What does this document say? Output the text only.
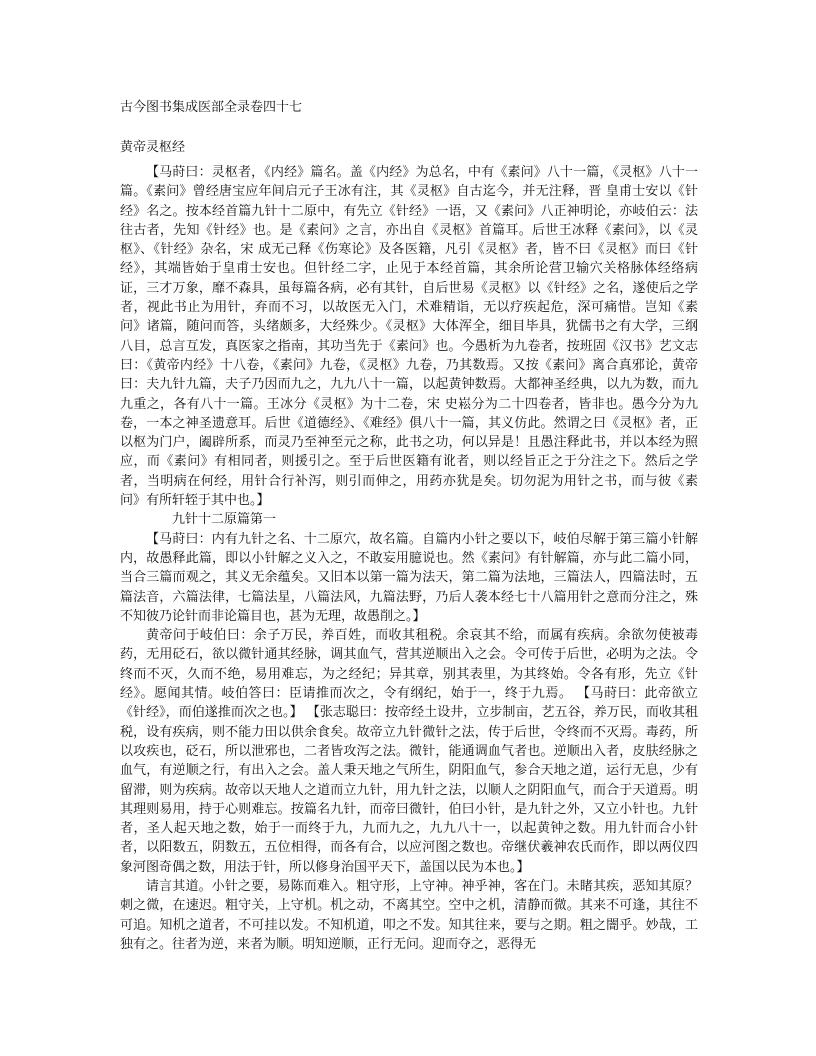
古今图书集成医部全录卷四十七
黄帝灵枢经

【马莳曰：灵枢者，《内经》篇名。盖《内经》为总名，中有《素问》八十一篇，《灵枢》八十一篇。《素问》曾经唐宝应年间启元子王冰有注，其《灵枢》自古迄今，并无注释，晋 皇甫士安以《针经》名之。按本经首篇九针十二原中，有先立《针经》一语，又《素问》八正神明论，亦岐伯云：法往古者，先知《针经》也。是《素问》之言，亦出自《灵枢》首篇耳。后世王冰释《素问》，以《灵枢》、《针经》杂名，宋 成无己释《伤寒论》及各医籍，凡引《灵枢》者，皆不曰《灵枢》而曰《针经》，其端皆始于皇甫士安也。但针经二字，止见于本经首篇，其余所论营卫输穴关格脉体经络病证，三才万象，靡不森具，虽每篇各病，必有其针，自后世易《灵枢》以《针经》之名，遂使后之学者，视此书止为用针，弃而不习，以故医无入门，术难精诣，无以疗疾起危，深可痛惜。岂知《素问》诸篇，随问而答，头绪颇多，大经殊少。《灵枢》大体浑全，细目毕具，犹儒书之有大学，三纲八目，总言互发，真医家之指南，其功当先于《素问》也。今愚析为九卷者，按班固《汉书》艺文志曰：《黄帝内经》十八卷，《素问》九卷，《灵枢》九卷，乃其数焉。又按《素问》离合真邪论，黄帝曰：夫九针九篇，夫子乃因而九之，九九八十一篇，以起黄钟数焉。大都神圣经典，以九为数，而九九重之，各有八十一篇。王冰分《灵枢》为十二卷，宋 史崧分为二十四卷者，皆非也。愚今分为九卷，一本之神圣遗意耳。后世《道德经》、《难经》俱八十一篇，其义仿此。然谓之曰《灵枢》者，正以枢为门户，阖辟所系，而灵乃至神至元之称，此书之功，何以异是！且愚注释此书，并以本经为照应，而《素问》有相同者，则援引之。至于后世医籍有讹者，则以经旨正之于分注之下。然后之学者，当明病在何经，用针合行补泻，则引而伸之，用药亦犹是矣。切勿泥为用针之书，而与彼《素问》有所轩轾于其中也。】

九针十二原篇第一

【马莳曰：内有九针之名、十二原穴，故名篇。自篇内小针之要以下，岐伯尽解于第三篇小针解内，故愚释此篇，即以小针解之义入之，不敢妄用臆说也。然《素问》有针解篇，亦与此二篇小同，当合三篇而观之，其义无余蕴矣。又旧本以第一篇为法天，第二篇为法地，三篇法人，四篇法时，五篇法音，六篇法律，七篇法星，八篇法风，九篇法野，乃后人袭本经七十八篇用针之意而分注之，殊不知彼乃论针而非论篇目也，甚为无理，故愚削之。】

黄帝问于岐伯曰：余子万民，养百姓，而收其租税。余哀其不给，而属有疾病。余欲勿使被毒药，无用砭石，欲以微针通其经脉，调其血气，营其逆顺出入之会。令可传于后世，必明为之法。令终而不灭，久而不绝，易用难忘，为之经纪；异其章，别其表里，为其终始。令各有形，先立《针经》。愿闻其情。岐伯答曰：臣请推而次之，令有纲纪，始于一，终于九焉。 【马莳曰：此帝欲立《针经》，而伯遂推而次之也。】 【张志聪曰：按帝经土设井，立步制亩，艺五谷，养万民，而收其租税，设有疾病，则不能力田以供余食矣。故帝立九针微针之法，传于后世，令终而不灭焉。毒药，所以攻疾也，砭石，所以泄邪也，二者皆攻泻之法。微针，能通调血气者也。逆顺出入者，皮肤经脉之血气，有逆顺之行，有出入之会。盖人秉天地之气所生，阴阳血气，参合天地之道，运行无息，少有留滞，则为疾病。故帝以天地人之道而立九针，用九针之法，以顺人之阴阳血气，而合于天道焉。明其理则易用，持于心则难忘。按篇名九针，而帝曰微针，伯曰小针，是九针之外，又立小针也。九针者，圣人起天地之数，始于一而终于九，九而九之，九九八十一，以起黄钟之数。用九针而合小针者，以阳数五，阴数五，五位相得，而各有合，以应河图之数也。帝继伏羲神农氏而作，即以两仪四象河图奇偶之数，用法于针，所以修身治国平天下，盖国以民为本也。】

请言其道。小针之要，易陈而难入。粗守形，上守神。神乎神，客在门。未睹其疾，恶知其原？刺之微，在速迟。粗守关，上守机。机之动，不离其空。空中之机，清静而微。其来不可逢，其往不可追。知机之道者，不可挂以发。不知机道，叩之不发。知其往来，要与之期。粗之闇乎。妙哉，工独有之。往者为逆，来者为顺。明知逆顺，正行无问。迎而夺之，恶得无
